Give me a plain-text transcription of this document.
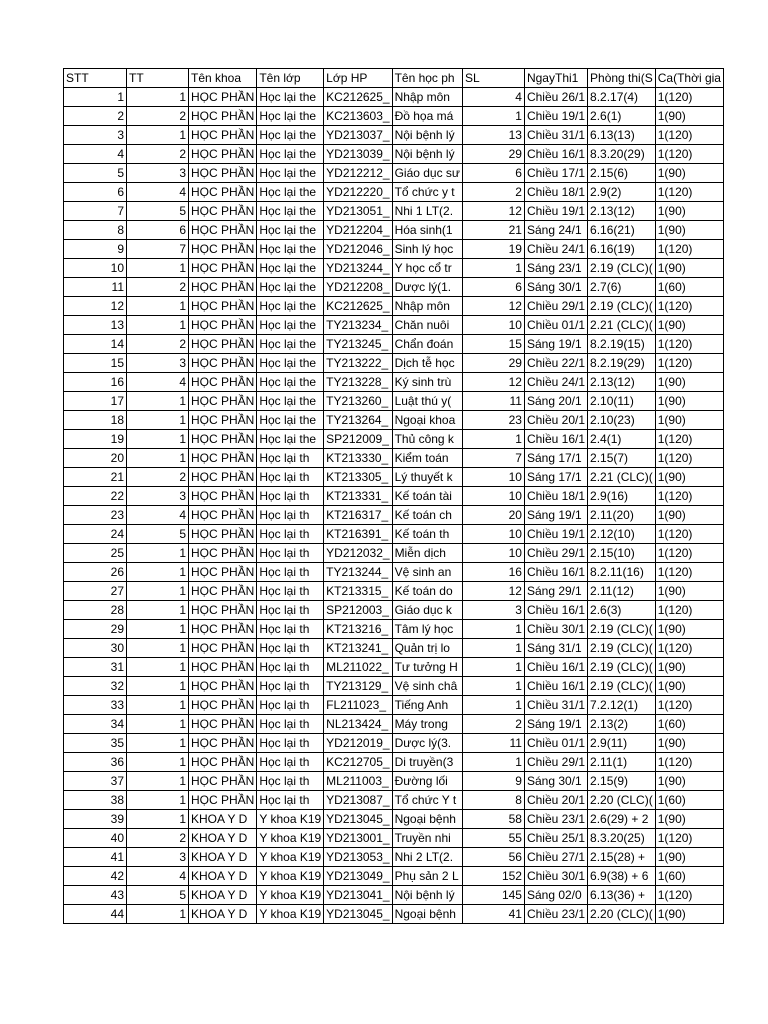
STT	TT	Tên khoa	Tên lớp	Lớp HP	Tên học ph	SL	NgayThi1	Phòng thi(S	Ca(Thời gia
1	1	HỌC PHẦN	Học lại the	KC212625_	Nhập môn	4	Chiều 26/1	8.2.17(4)	1(120)
2	2	HỌC PHẦN	Học lại the	KC213603_	Đồ họa má	1	Chiều 19/1	2.6(1)	1(90)
3	1	HỌC PHẦN	Học lại the	YD213037_	Nội bệnh lý	13	Chiều 31/1	6.13(13)	1(120)
4	2	HỌC PHẦN	Học lại the	YD213039_	Nội bệnh lý	29	Chiều 16/1	8.3.20(29)	1(120)
5	3	HỌC PHẦN	Học lại the	YD212212_	Giáo dục sư	6	Chiều 17/1	2.15(6)	1(90)
6	4	HỌC PHẦN	Học lại the	YD212220_	Tổ chức y t	2	Chiều 18/1	2.9(2)	1(120)
7	5	HỌC PHẦN	Học lại the	YD213051_	Nhi 1 LT(2.	12	Chiều 19/1	2.13(12)	1(90)
8	6	HỌC PHẦN	Học lại the	YD212204_	Hóa sinh(1	21	Sáng 24/1	6.16(21)	1(90)
9	7	HỌC PHẦN	Học lại the	YD212046_	Sinh lý học	19	Chiều 24/1	6.16(19)	1(120)
10	1	HỌC PHẦN	Học lại the	YD213244_	Y học cổ tr	1	Sáng 23/1	2.19 (CLC)(	1(90)
11	2	HỌC PHẦN	Học lại the	YD212208_	Dược lý(1.	6	Sáng 30/1	2.7(6)	1(60)
12	1	HỌC PHẦN	Học lại the	KC212625_	Nhập môn	12	Chiều 29/1	2.19 (CLC)(	1(120)
13	1	HỌC PHẦN	Học lại the	TY213234_	Chăn nuôi	10	Chiều 01/1	2.21 (CLC)(	1(90)
14	2	HỌC PHẦN	Học lại the	TY213245_	Chẩn đoán	15	Sáng 19/1	8.2.19(15)	1(120)
15	3	HỌC PHẦN	Học lại the	TY213222_	Dịch tễ học	29	Chiều 22/1	8.2.19(29)	1(120)
16	4	HỌC PHẦN	Học lại the	TY213228_	Ký sinh trù	12	Chiều 24/1	2.13(12)	1(90)
17	1	HỌC PHẦN	Học lại the	TY213260_	Luật thú y(	11	Sáng 20/1	2.10(11)	1(90)
18	1	HỌC PHẦN	Học lại the	TY213264_	Ngoại khoa	23	Chiều 20/1	2.10(23)	1(90)
19	1	HỌC PHẦN	Học lại the	SP212009_	Thủ công k	1	Chiều 16/1	2.4(1)	1(120)
20	1	HỌC PHẦN	Học lại th	KT213330_	Kiểm toán	7	Sáng 17/1	2.15(7)	1(120)
21	2	HỌC PHẦN	Học lại th	KT213305_	Lý thuyết k	10	Sáng 17/1	2.21 (CLC)(	1(90)
22	3	HỌC PHẦN	Học lại th	KT213331_	Kế toán tài	10	Chiều 18/1	2.9(16)	1(120)
23	4	HỌC PHẦN	Học lại th	KT216317_	Kế toán ch	20	Sáng 19/1	2.11(20)	1(90)
24	5	HỌC PHẦN	Học lại th	KT216391_	Kế toán th	10	Chiều 19/1	2.12(10)	1(120)
25	1	HỌC PHẦN	Học lại th	YD212032_	Miễn dịch	10	Chiều 29/1	2.15(10)	1(120)
26	1	HỌC PHẦN	Học lại th	TY213244_	Vệ sinh an	16	Chiều 16/1	8.2.11(16)	1(120)
27	1	HỌC PHẦN	Học lại th	KT213315_	Kế toán do	12	Sáng 29/1	2.11(12)	1(90)
28	1	HỌC PHẦN	Học lại th	SP212003_	Giáo dục k	3	Chiều 16/1	2.6(3)	1(120)
29	1	HỌC PHẦN	Học lại th	KT213216_	Tâm lý học	1	Chiều 30/1	2.19 (CLC)(	1(90)
30	1	HỌC PHẦN	Học lại th	KT213241_	Quản trị lo	1	Sáng 31/1	2.19 (CLC)(	1(120)
31	1	HỌC PHẦN	Học lại th	ML211022_	Tư tưởng H	1	Chiều 16/1	2.19 (CLC)(	1(90)
32	1	HỌC PHẦN	Học lại th	TY213129_	Vệ sinh châ	1	Chiều 16/1	2.19 (CLC)(	1(90)
33	1	HỌC PHẦN	Học lại th	FL211023_	Tiếng Anh	1	Chiều 31/1	7.2.12(1)	1(120)
34	1	HỌC PHẦN	Học lại th	NL213424_	Máy trong	2	Sáng 19/1	2.13(2)	1(60)
35	1	HỌC PHẦN	Học lại th	YD212019_	Dược lý(3.	11	Chiều 01/1	2.9(11)	1(90)
36	1	HỌC PHẦN	Học lại th	KC212705_	Di truyền(3	1	Chiều 29/1	2.11(1)	1(120)
37	1	HỌC PHẦN	Học lại th	ML211003_	Đường lối	9	Sáng 30/1	2.15(9)	1(90)
38	1	HỌC PHẦN	Học lại th	YD213087_	Tổ chức Y t	8	Chiều 20/1	2.20 (CLC)(	1(60)
39	1	KHOA Y D	Y khoa K19	YD213045_	Ngoại bệnh	58	Chiều 23/1	2.6(29) + 2	1(90)
40	2	KHOA Y D	Y khoa K19	YD213001_	Truyền nhi	55	Chiều 25/1	8.3.20(25)	1(120)
41	3	KHOA Y D	Y khoa K19	YD213053_	Nhi 2 LT(2.	56	Chiều 27/1	2.15(28) +	1(90)
42	4	KHOA Y D	Y khoa K19	YD213049_	Phụ sản 2 L	152	Chiều 30/1	6.9(38) + 6	1(60)
43	5	KHOA Y D	Y khoa K19	YD213041_	Nội bệnh lý	145	Sáng 02/0	6.13(36) +	1(120)
44	1	KHOA Y D	Y khoa K19	YD213045_	Ngoại bệnh	41	Chiều 23/1	2.20 (CLC)(	1(90)
